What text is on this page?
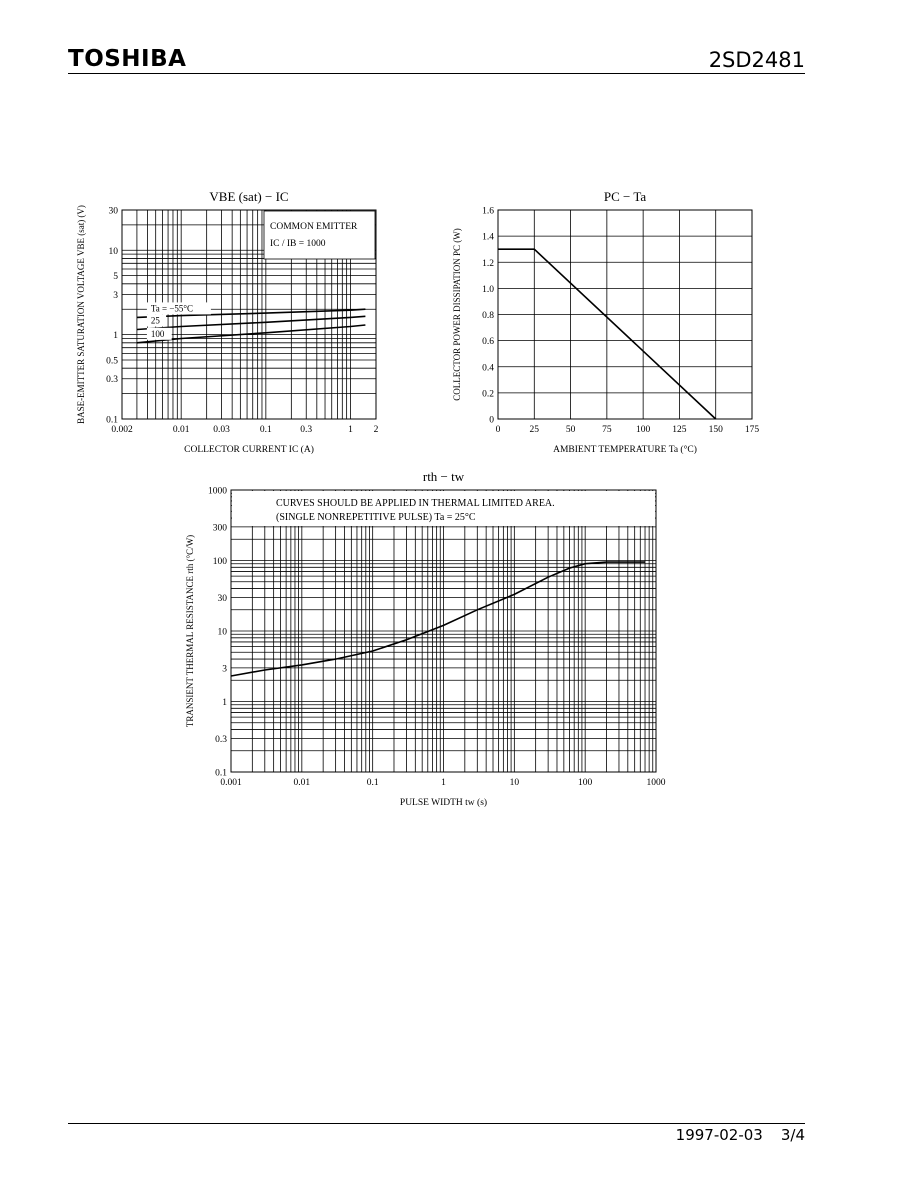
TOSHIBA	2SD2481
1997-02-03 3/4
0.002	0.01	0.03	0.1	0.3	1 2
0.1
0.3
0.5
1
3
5
10
30
VBE (sat) − IC
COLLECTOR CURRENT IC (A)
BASE-EMITTER SATURATION VOLTAGE VBE (sat) (V)	COMMON EMITTER
IC / IB = 1000
Ta = −55°C
25
100
0	25	50	75	100 125 150 175
0
0.2
0.4
0.6
0.8
1.0
1.2
1.4
1.6
PC − Ta
AMBIENT TEMPERATURE Ta (°C)
COLLECTOR POWER DISSIPATION PC (W)
0.001	0.01	0.1	1	10	100	1000
0.1
0.3
1
3
10
30
100
300
1000
rth − tw
PULSE WIDTH tw (s)
TRANSIENT THERMAL RESISTANCE rth (°C/W)
CURVES SHOULD BE APPLIED IN THERMAL LIMITED AREA.
(SINGLE NONREPETITIVE PULSE) Ta = 25°C
